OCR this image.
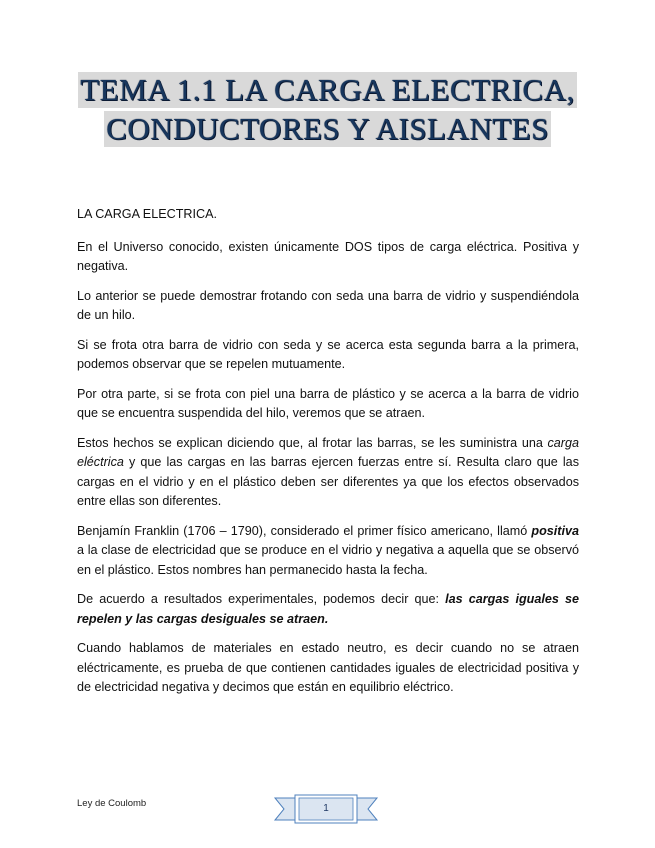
TEMA 1.1 LA CARGA ELECTRICA,
CONDUCTORES Y AISLANTES

LA CARGA ELECTRICA.

En el Universo conocido, existen únicamente DOS tipos de carga eléctrica. Positiva y negativa.

Lo anterior se puede demostrar frotando con seda una barra de vidrio y suspendiéndola de un hilo.

Si se frota otra barra de vidrio con seda y se acerca esta segunda barra a la primera, podemos observar que se repelen mutuamente.

Por otra parte, si se frota con piel una barra de plástico y se acerca a la barra de vidrio que se encuentra suspendida del hilo, veremos que se atraen.

Estos hechos se explican diciendo que, al frotar las barras, se les suministra una carga eléctrica y que las cargas en las barras ejercen fuerzas entre sí. Resulta claro que las cargas en el vidrio y en el plástico deben ser diferentes ya que los efectos observados entre ellas son diferentes.

Benjamín Franklin (1706 – 1790), considerado el primer físico americano, llamó positiva a la clase de electricidad que se produce en el vidrio y negativa a aquella que se observó en el plástico. Estos nombres han permanecido hasta la fecha.

De acuerdo a resultados experimentales, podemos decir que: las cargas iguales se repelen y las cargas desiguales se atraen.

Cuando hablamos de materiales en estado neutro, es decir cuando no se atraen eléctricamente, es prueba de que contienen cantidades iguales de electricidad positiva y de electricidad negativa y decimos que están en equilibrio eléctrico.

Ley de Coulomb	1
